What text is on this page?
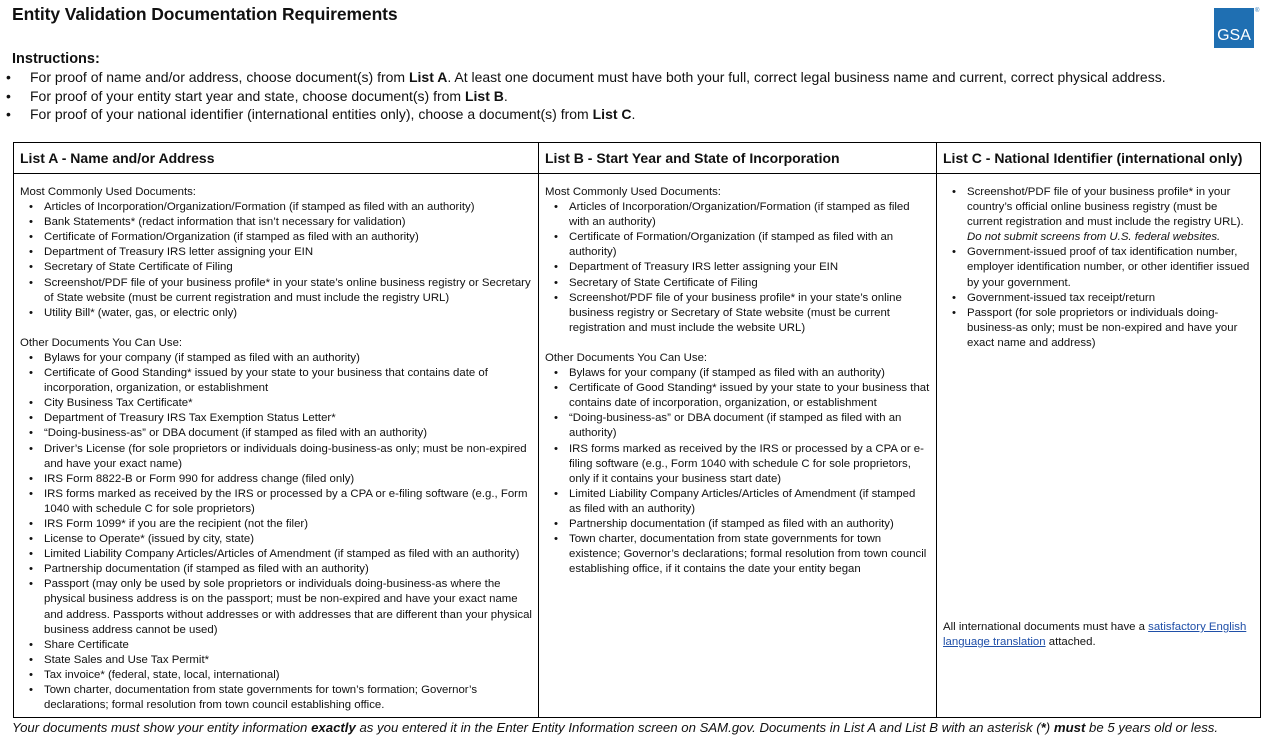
Entity Validation Documentation Requirements
GSA
®
Instructions:
• For proof of name and/or address, choose document(s) from List A. At least one document must have both your full, correct legal business name and current, correct physical address.
• For proof of your entity start year and state, choose document(s) from List B.
• For proof of your national identifier (international entities only), choose a document(s) from List C.
List A - Name and/or Address
Most Commonly Used Documents:
• Articles of Incorporation/Organization/Formation (if stamped as filed with an authority)
• Bank Statements* (redact information that isn’t necessary for validation)
• Certificate of Formation/Organization (if stamped as filed with an authority)
• Department of Treasury IRS letter assigning your EIN
• Secretary of State Certificate of Filing
• Screenshot/PDF file of your business profile* in your state’s online business registry or Secretary of State website (must be current registration and must include the registry URL)
• Utility Bill* (water, gas, or electric only)
Other Documents You Can Use:
• Bylaws for your company (if stamped as filed with an authority)
• Certificate of Good Standing* issued by your state to your business that contains date of incorporation, organization, or establishment
• City Business Tax Certificate*
• Department of Treasury IRS Tax Exemption Status Letter*
• “Doing-business-as” or DBA document (if stamped as filed with an authority)
• Driver’s License (for sole proprietors or individuals doing-business-as only; must be non-expired and have your exact name)
• IRS Form 8822-B or Form 990 for address change (filed only)
• IRS forms marked as received by the IRS or processed by a CPA or e-filing software (e.g., Form 1040 with schedule C for sole proprietors)
• IRS Form 1099* if you are the recipient (not the filer)
• License to Operate* (issued by city, state)
• Limited Liability Company Articles/Articles of Amendment (if stamped as filed with an authority)
• Partnership documentation (if stamped as filed with an authority)
• Passport (may only be used by sole proprietors or individuals doing-business-as where the physical business address is on the passport; must be non-expired and have your exact name and address. Passports without addresses or with addresses that are different than your physical business address cannot be used)
• Share Certificate
• State Sales and Use Tax Permit*
• Tax invoice* (federal, state, local, international)
• Town charter, documentation from state governments for town’s formation; Governor’s declarations; formal resolution from town council establishing office.
List B - Start Year and State of Incorporation
Most Commonly Used Documents:
• Articles of Incorporation/Organization/Formation (if stamped as filed with an authority)
• Certificate of Formation/Organization (if stamped as filed with an authority)
• Department of Treasury IRS letter assigning your EIN
• Secretary of State Certificate of Filing
• Screenshot/PDF file of your business profile* in your state’s online business registry or Secretary of State website (must be current registration and must include the website URL)
Other Documents You Can Use:
• Bylaws for your company (if stamped as filed with an authority)
• Certificate of Good Standing* issued by your state to your business that contains date of incorporation, organization, or establishment
• “Doing-business-as” or DBA document (if stamped as filed with an authority)
• IRS forms marked as received by the IRS or processed by a CPA or e-filing software (e.g., Form 1040 with schedule C for sole proprietors, only if it contains your business start date)
• Limited Liability Company Articles/Articles of Amendment (if stamped as filed with an authority)
• Partnership documentation (if stamped as filed with an authority)
• Town charter, documentation from state governments for town existence; Governor’s declarations; formal resolution from town council establishing office, if it contains the date your entity began
List C - National Identifier (international only)
• Screenshot/PDF file of your business profile* in your country’s official online business registry (must be current registration and must include the registry URL).
Do not submit screens from U.S. federal websites.
• Government-issued proof of tax identification number, employer identification number, or other identifier issued by your government.
• Government-issued tax receipt/return
• Passport (for sole proprietors or individuals doing-business-as only; must be non-expired and have your exact name and address)
All international documents must have a satisfactory English language translation attached.
Your documents must show your entity information exactly as you entered it in the Enter Entity Information screen on SAM.gov. Documents in List A and List B with an asterisk (*) must be 5 years old or less.
